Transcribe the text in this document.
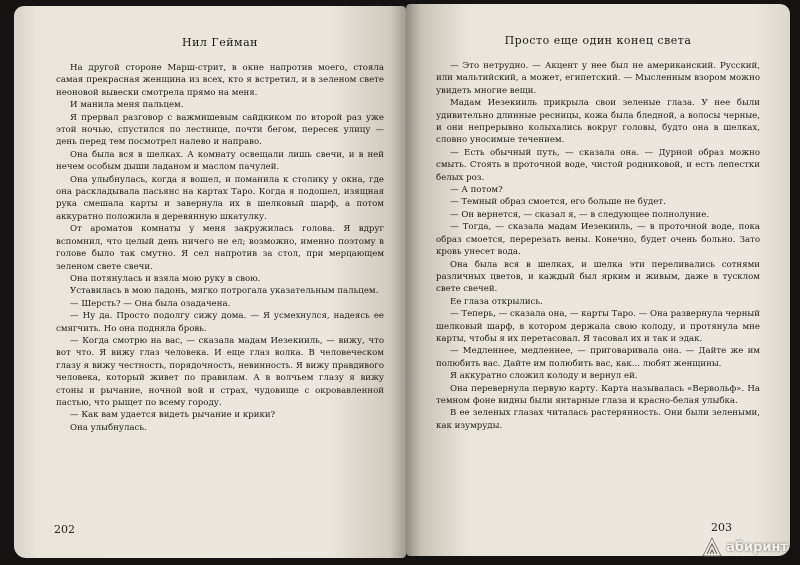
Нил Гейман

На другой стороне Марш-стрит, в окне напротив моего, стояла самая прекрасная женщина из всех, кто я встретил, и в зеленом свете неоновой вывески смотрела прямо на меня.

И манила меня пальцем.

Я прервал разговор с важмишевым сайдкиком по второй раз уже этой ночью, спустился по лестнице, почти бегом, пересек улицу — день перед тем посмотрел налево и направо.

Она была вся в шелках. А комнату освещали лишь свечи, и в ней нечем особым дыши ладаном и маслом пачулей.

Она улыбнулась, когда я вошел, и поманила к столику у окна, где она раскладывала пасьянс на картах Таро. Когда я подошел, изящная рука смешала карты и завернула их в шелковый шарф, а потом аккуратно положила в деревянную шкатулку.

От ароматов комнаты у меня закружилась голова. Я вдруг вспомнил, что целый день ничего не ел; возможно, именно поэтому в голове было так смутно. Я сел напротив за стол, при мерцающем зеленом свете свечи.

Она потянулась и взяла мою руку в свою.

Уставилась в мою ладонь, мягко потрогала указательным пальцем.

— Шерсть? — Она была озадачена.

— Ну да. Просто подолгу сижу дома. — Я усмехнулся, надеясь ее смягчить. Но она подняла бровь.

— Когда смотрю на вас, — сказала мадам Иезекииль, — вижу, что вот что. Я вижу глаз человека. И еще глаз волка. В человеческом глазу я вижу честность, порядочность, невинность. Я вижу правдивого человека, который живет по правилам. А в волчьем глазу я вижу стоны и рычание, ночной вой и страх, чудовище с окровавленной пастью, что рыщет по всему городу.

— Как вам удается видеть рычание и крики?

Она улыбнулась.

202
Просто еще один конец света

— Это нетрудно. — Акцент у нее был не американский. Русский, или мальтийский, а может, египетский. — Мысленным взором можно увидеть многие вещи.

Мадам Иезекииль прикрыла свои зеленые глаза. У нее были удивительно длинные ресницы, кожа была бледной, а волосы черные, и они непрерывно колыхались вокруг головы, будто она в шелках, словно уносимые течением.

— Есть обычный путь, — сказала она. — Дурной образ можно смыть. Стоять в проточной воде, чистой родниковой, и есть лепестки белых роз.

— А потом?

— Темный образ смоется, его больше не будет.

— Он вернется, — сказал я, — в следующее полнолуние.

— Тогда, — сказала мадам Иезекииль, — в проточной воде, пока образ смоется, перерезать вены. Конечно, будет очень больно. Зато кровь унесет вода.

Она была вся в шелках, и шелка эти переливались сотнями различных цветов, и каждый был ярким и живым, даже в тусклом свете свечей.

Ее глаза открылись.

— Теперь, — сказала она, — карты Таро. — Она развернула черный шелковый шарф, в котором держала свою колоду, и протянула мне карты, чтобы я их перетасовал. Я тасовал их и так и эдак.

— Медленнее, медленнее, — приговаривала она. — Дайте же им полюбить вас. Дайте им полюбить вас, как... любят женщины.

Я аккуратно сложил колоду и вернул ей.

Она перевернула первую карту. Карта называлась «Вервольф». На темном фоне видны были янтарные глаза и красно-белая улыбка.

В ее зеленых глазах читалась растерянность. Они были зелеными, как изумруды.

203
абиринт
